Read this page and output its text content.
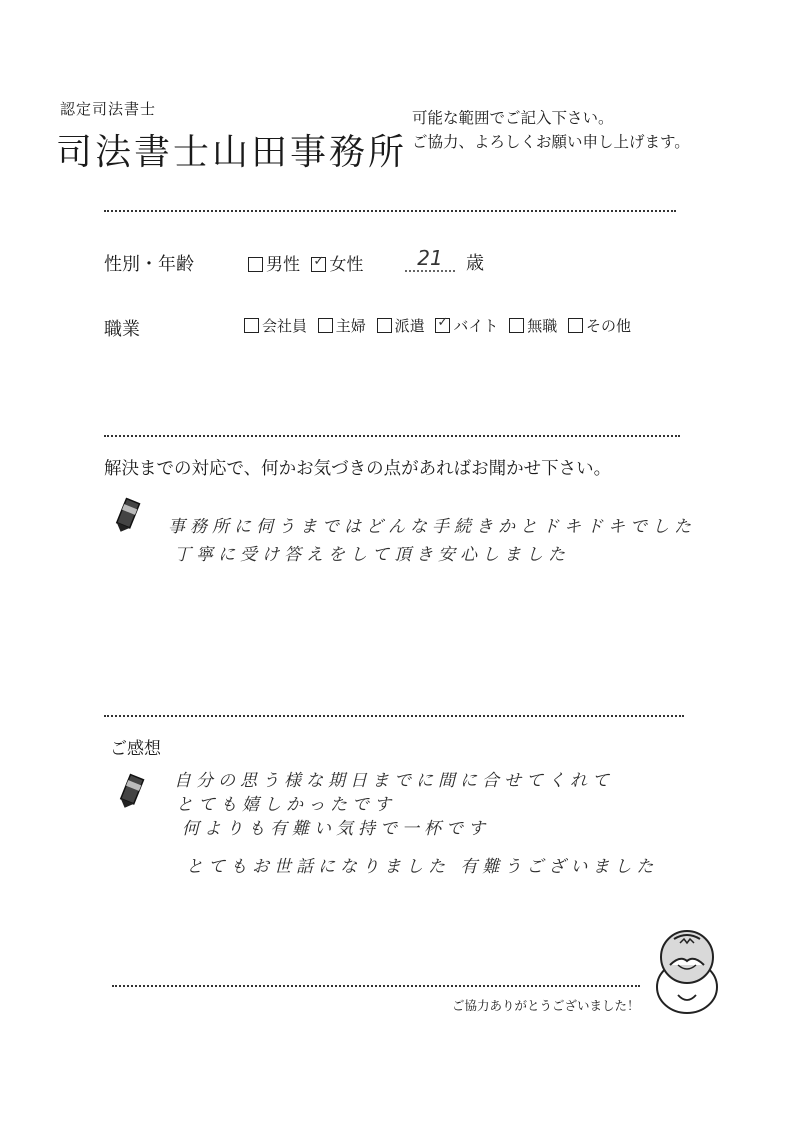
認定司法書士
司法書士山田事務所
可能な範囲でご記入下さい。
ご協力、よろしくお願い申し上げます。
性別・年齢	男性 ✓ 女性	21	歳
職業	会社員 主婦 派遣 ✓ バイト 無職 その他
解決までの対応で、何かお気づきの点があればお聞かせ下さい。
事務所に伺うまではどんな手続きかとドキドキでした
丁寧に受け答えをして頂き安心しました
ご感想
自分の思う様な期日までに間に合せてくれて
とても嬉しかったです
何よりも有難い気持で一杯です
とてもお世話になりました 有難うございました
ご協力ありがとうございました！
